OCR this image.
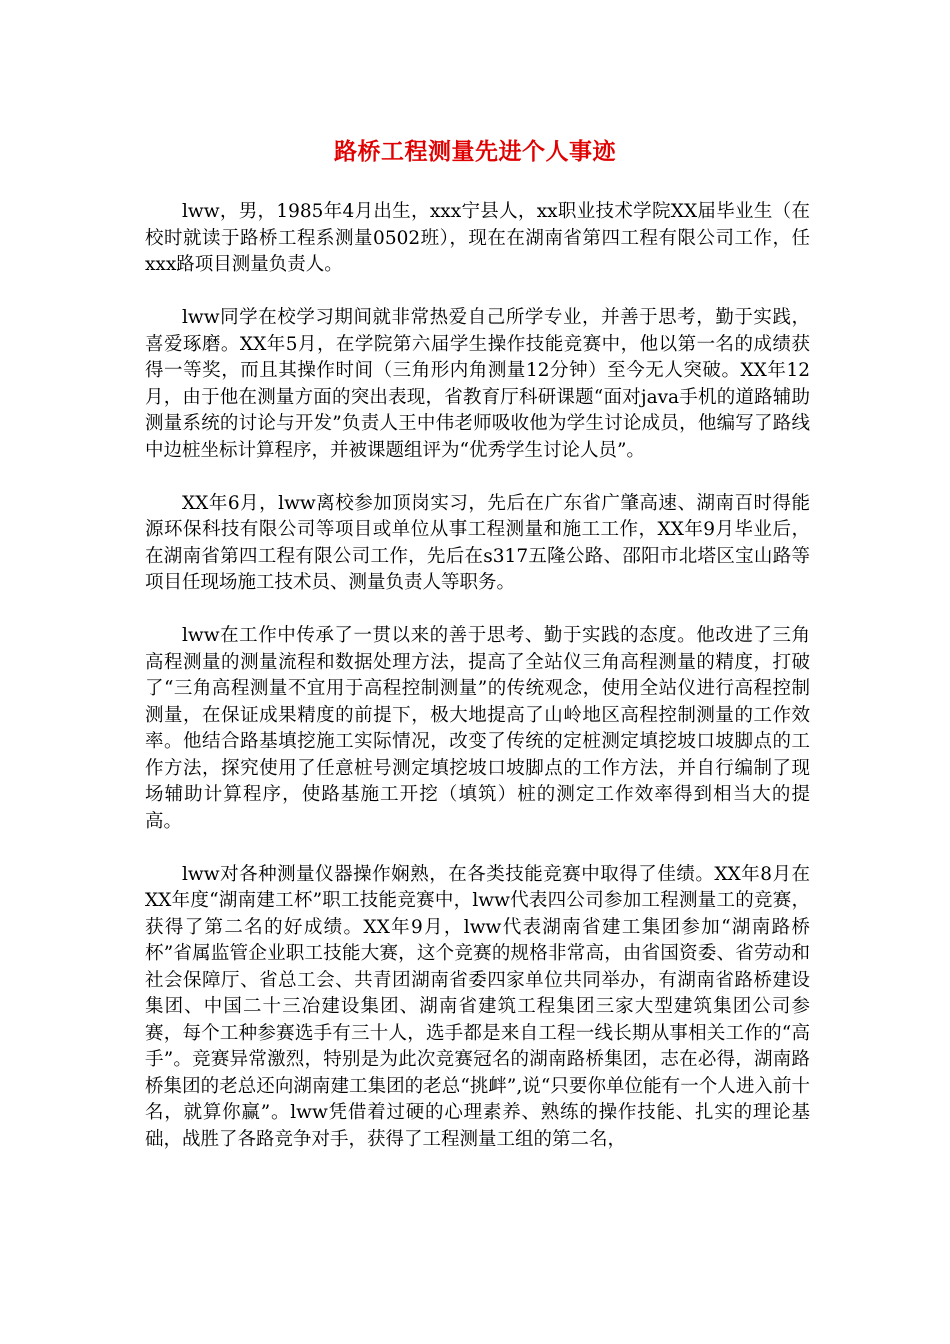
路桥工程测量先进个人事迹

lww，男，1985年4月出生，xxx宁县人，xx职业技术学院XX届毕业生（在校时就读于路桥工程系测量0502班），现在在湖南省第四工程有限公司工作，任xxx路项目测量负责人。

lww同学在校学习期间就非常热爱自己所学专业，并善于思考，勤于实践，喜爱琢磨。XX年5月，在学院第六届学生操作技能竞赛中，他以第一名的成绩获得一等奖，而且其操作时间（三角形内角测量12分钟）至今无人突破。XX年12月，由于他在测量方面的突出表现，省教育厅科研课题“面对java手机的道路辅助测量系统的讨论与开发”负责人王中伟老师吸收他为学生讨论成员，他编写了路线中边桩坐标计算程序，并被课题组评为“优秀学生讨论人员”。

XX年6月，lww离校参加顶岗实习，先后在广东省广肇高速、湖南百时得能源环保科技有限公司等项目或单位从事工程测量和施工工作，XX年9月毕业后，在湖南省第四工程有限公司工作，先后在s317五隆公路、邵阳市北塔区宝山路等项目任现场施工技术员、测量负责人等职务。

lww在工作中传承了一贯以来的善于思考、勤于实践的态度。他改进了三角高程测量的测量流程和数据处理方法，提高了全站仪三角高程测量的精度，打破了“三角高程测量不宜用于高程控制测量”的传统观念，使用全站仪进行高程控制测量，在保证成果精度的前提下，极大地提高了山岭地区高程控制测量的工作效率。他结合路基填挖施工实际情况，改变了传统的定桩测定填挖坡口坡脚点的工作方法，探究使用了任意桩号测定填挖坡口坡脚点的工作方法，并自行编制了现场辅助计算程序，使路基施工开挖（填筑）桩的测定工作效率得到相当大的提高。

lww对各种测量仪器操作娴熟，在各类技能竞赛中取得了佳绩。XX年8月在XX年度“湖南建工杯”职工技能竞赛中，lww代表四公司参加工程测量工的竞赛，获得了第二名的好成绩。XX年9月，lww代表湖南省建工集团参加“湖南路桥杯”省属监管企业职工技能大赛，这个竞赛的规格非常高，由省国资委、省劳动和社会保障厅、省总工会、共青团湖南省委四家单位共同举办，有湖南省路桥建设集团、中国二十三冶建设集团、湖南省建筑工程集团三家大型建筑集团公司参赛，每个工种参赛选手有三十人，选手都是来自工程一线长期从事相关工作的“高手”。竞赛异常激烈，特别是为此次竞赛冠名的湖南路桥集团，志在必得，湖南路桥集团的老总还向湖南建工集团的老总“挑衅”,说“只要你单位能有一个人进入前十名，就算你赢”。lww凭借着过硬的心理素养、熟练的操作技能、扎实的理论基础，战胜了各路竞争对手，获得了工程测量工组的第二名，
